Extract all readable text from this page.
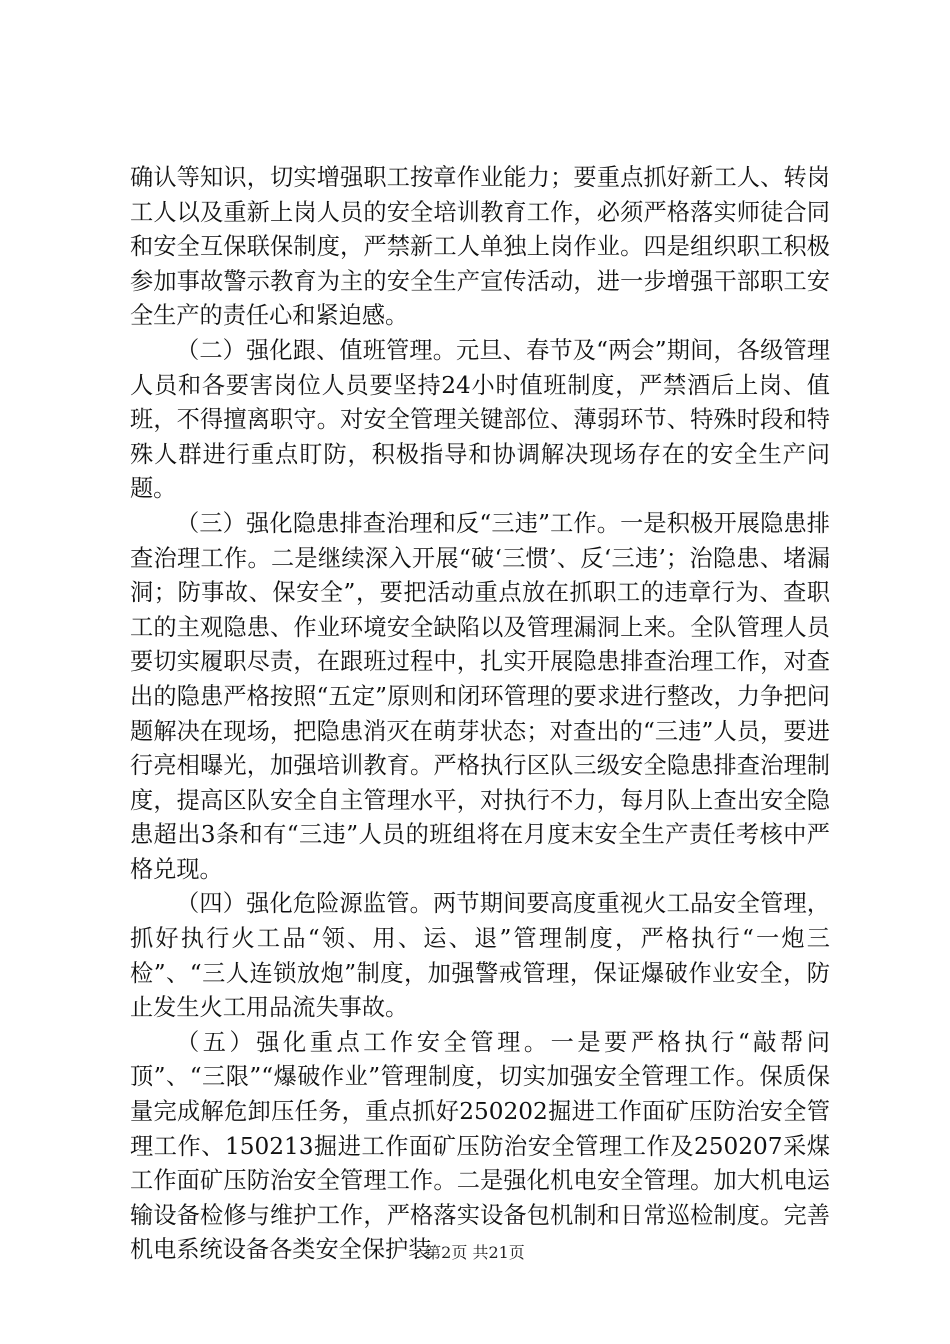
确认等知识，切实增强职工按章作业能力；要重点抓好新工人、转岗工人以及重新上岗人员的安全培训教育工作，必须严格落实师徒合同和安全互保联保制度，严禁新工人单独上岗作业。四是组织职工积极参加事故警示教育为主的安全生产宣传活动，进一步增强干部职工安全生产的责任心和紧迫感。

（二）强化跟、值班管理。元旦、春节及“两会”期间，各级管理人员和各要害岗位人员要坚持24小时值班制度，严禁酒后上岗、值班，不得擅离职守。对安全管理关键部位、薄弱环节、特殊时段和特殊人群进行重点盯防，积极指导和协调解决现场存在的安全生产问题。

（三）强化隐患排查治理和反“三违”工作。一是积极开展隐患排查治理工作。二是继续深入开展“破‘三惯’、反‘三违’；治隐患、堵漏洞；防事故、保安全”，要把活动重点放在抓职工的违章行为、查职工的主观隐患、作业环境安全缺陷以及管理漏洞上来。全队管理人员要切实履职尽责，在跟班过程中，扎实开展隐患排查治理工作，对查出的隐患严格按照“五定”原则和闭环管理的要求进行整改，力争把问题解决在现场，把隐患消灭在萌芽状态；对查出的“三违”人员，要进行亮相曝光，加强培训教育。严格执行区队三级安全隐患排查治理制度，提高区队安全自主管理水平，对执行不力，每月队上查出安全隐患超出3条和有“三违”人员的班组将在月度末安全生产责任考核中严格兑现。

（四）强化危险源监管。两节期间要高度重视火工品安全管理，抓好执行火工品“领、用、运、退”管理制度，严格执行“一炮三检”、“三人连锁放炮”制度，加强警戒管理，保证爆破作业安全，防止发生火工用品流失事故。

（五）强化重点工作安全管理。一是要严格执行“敲帮问顶”、“三限”“爆破作业”管理制度，切实加强安全管理工作。保质保量完成解危卸压任务，重点抓好250202掘进工作面矿压防治安全管理工作、150213掘进工作面矿压防治安全管理工作及250207采煤工作面矿压防治安全管理工作。二是强化机电安全管理。加大机电运输设备检修与维护工作，严格落实设备包机制和日常巡检制度。完善机电系统设备各类安全保护装

第2页 共21页
